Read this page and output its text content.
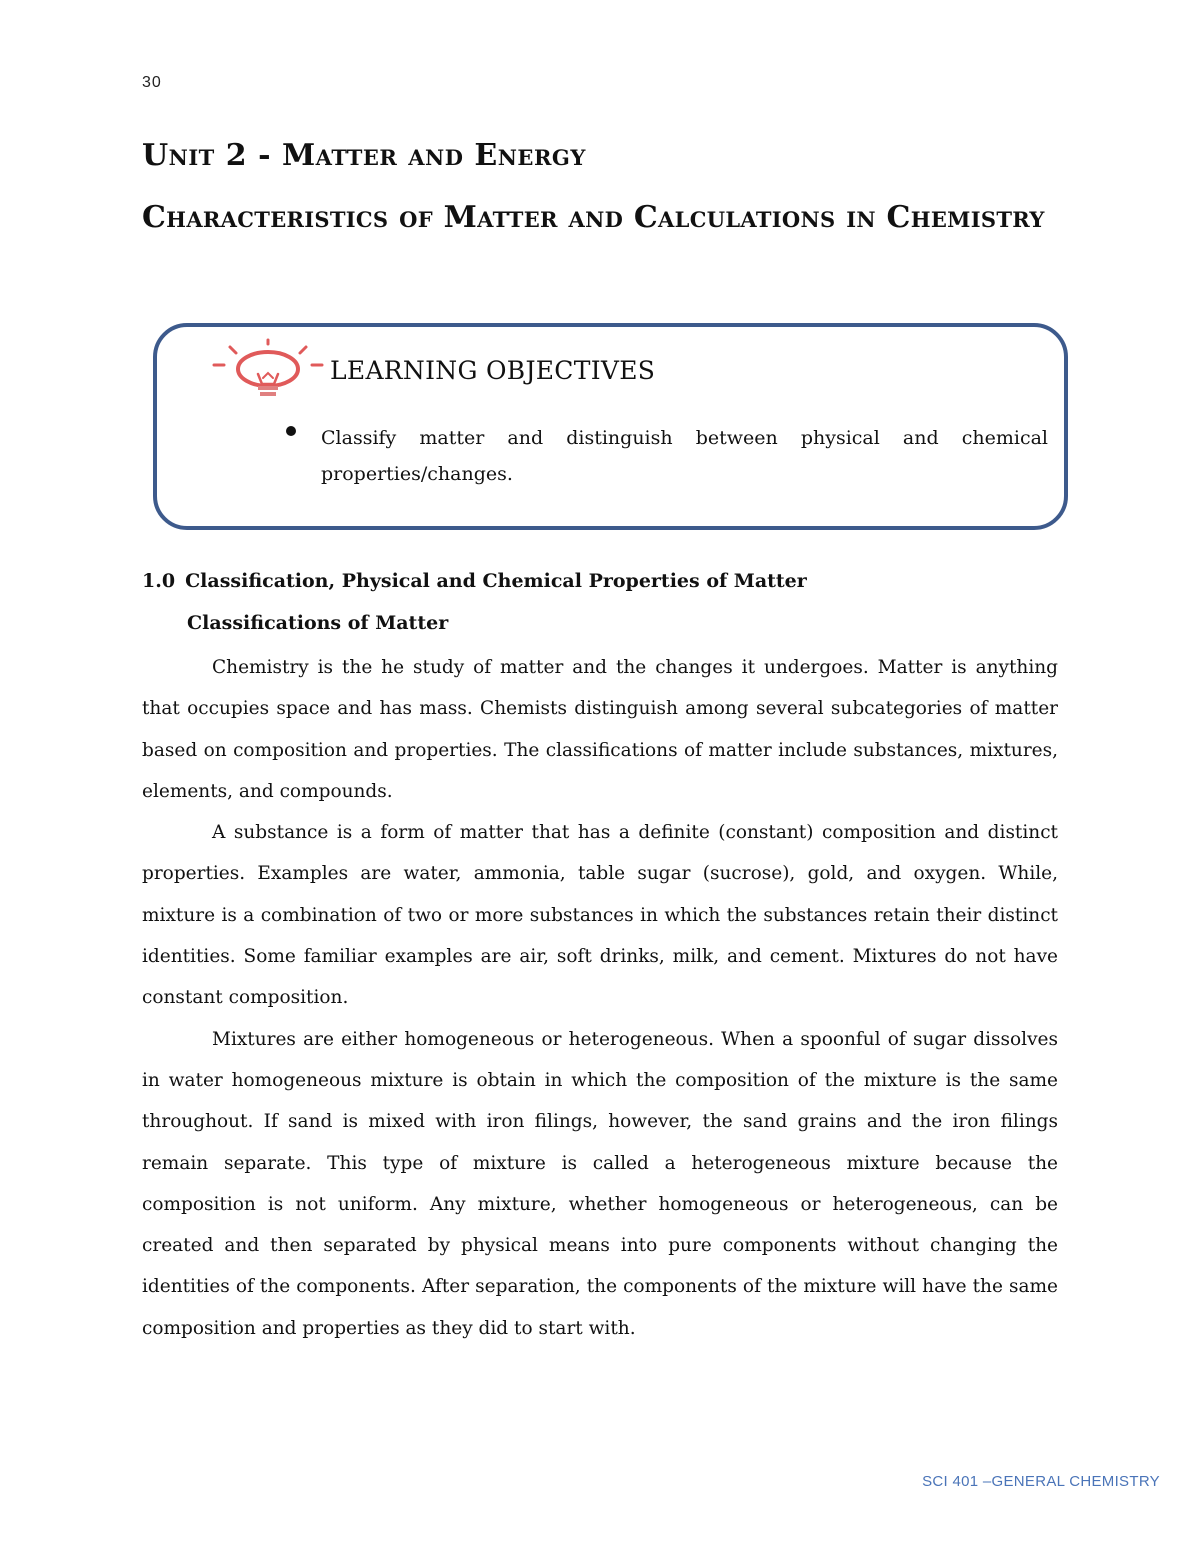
30
Unit 2 - Matter and Energy
Characteristics of Matter and Calculations in Chemistry
LEARNING OBJECTIVES

Classify matter and distinguish between physical and chemical properties/changes.

1.0 Classification, Physical and Chemical Properties of Matter
Classifications of Matter

Chemistry is the he study of matter and the changes it undergoes. Matter is anything that occupies space and has mass. Chemists distinguish among several subcategories of matter based on composition and properties. The classifications of matter include substances, mixtures, elements, and compounds.

A substance is a form of matter that has a definite (constant) composition and distinct properties. Examples are water, ammonia, table sugar (sucrose), gold, and oxygen. While, mixture is a combination of two or more substances in which the substances retain their distinct identities. Some familiar examples are air, soft drinks, milk, and cement. Mixtures do not have constant composition.

Mixtures are either homogeneous or heterogeneous. When a spoonful of sugar dissolves in water homogeneous mixture is obtain in which the composition of the mixture is the same throughout. If sand is mixed with iron filings, however, the sand grains and the iron filings remain separate. This type of mixture is called a heterogeneous mixture because the composition is not uniform. Any mixture, whether homogeneous or heterogeneous, can be created and then separated by physical means into pure components without changing the identities of the components. After separation, the components of the mixture will have the same composition and properties as they did to start with.

SCI 401 –GENERAL CHEMISTRY
